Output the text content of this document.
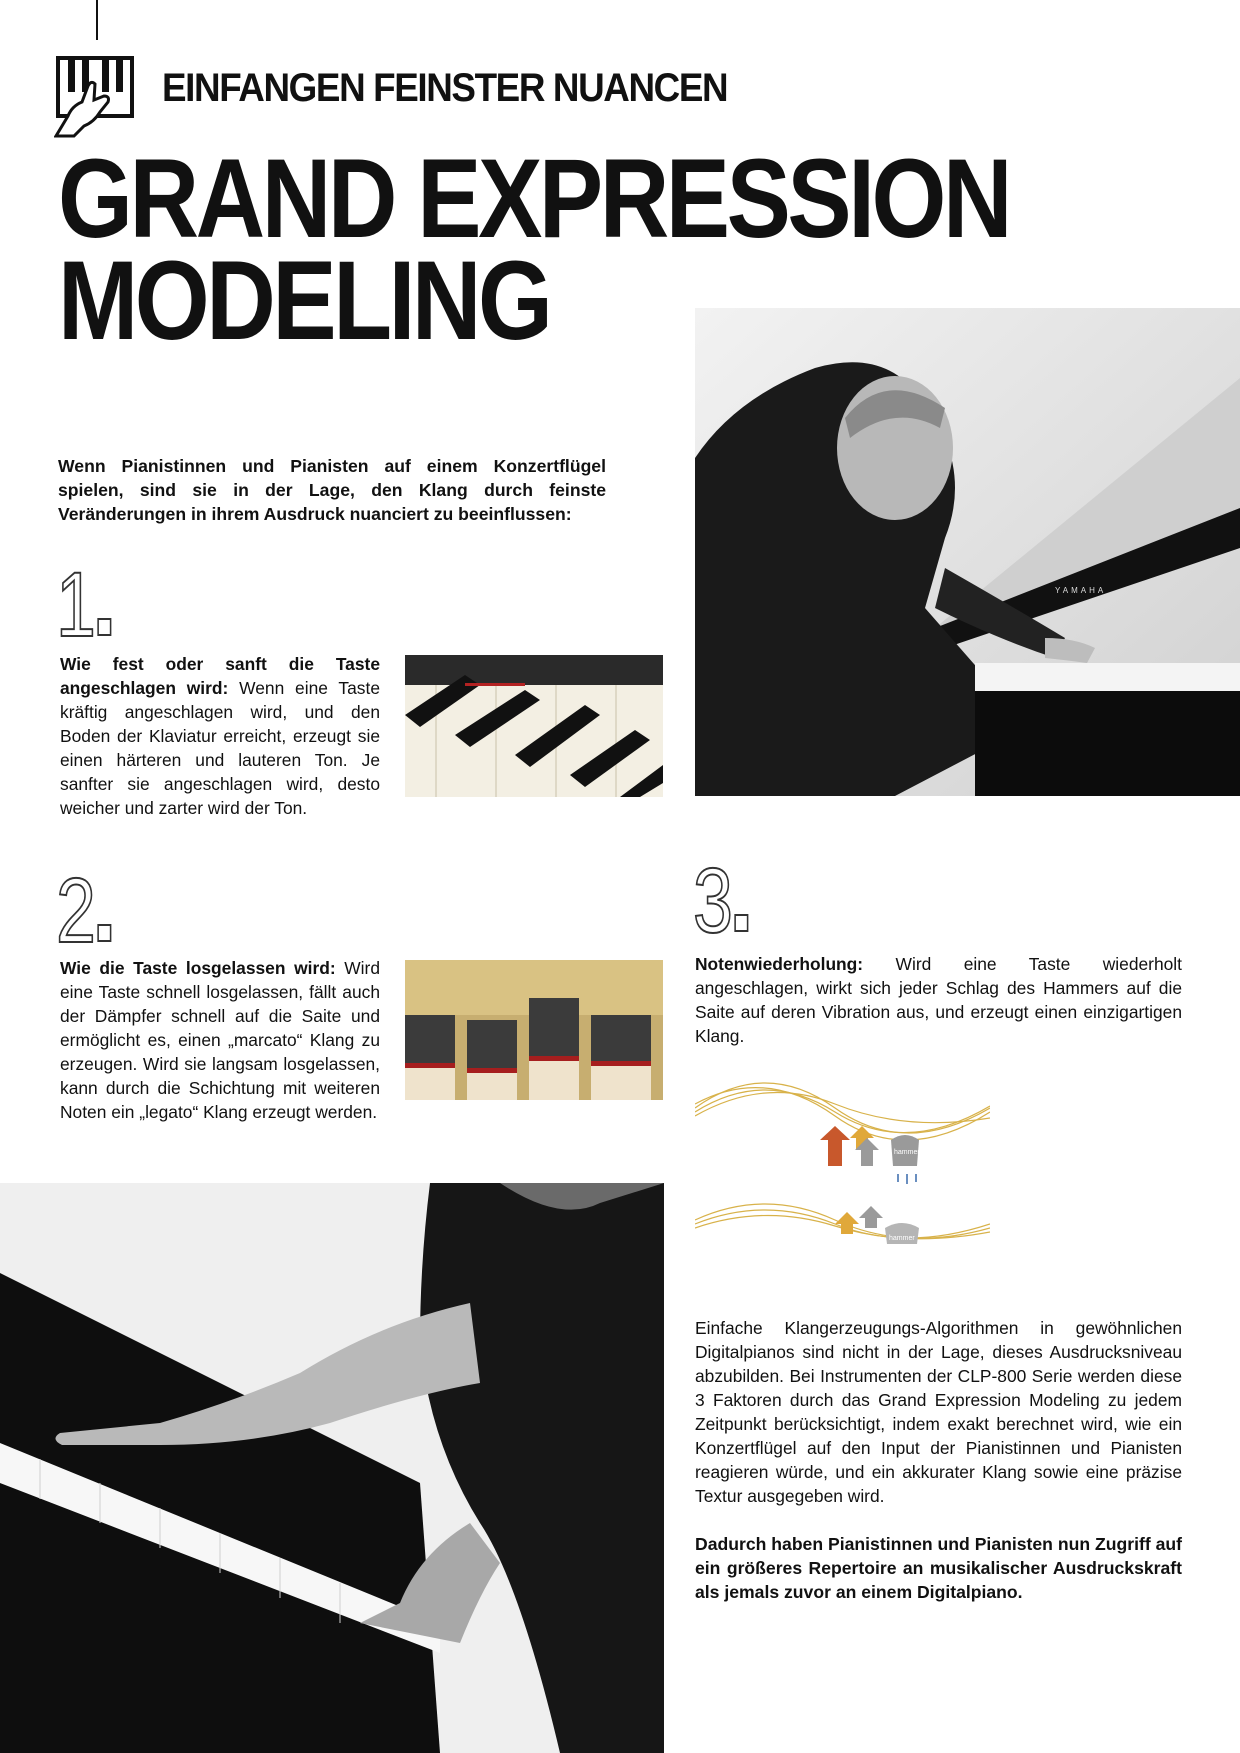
EINFANGEN FEINSTER NUANCEN
GRAND EXPRESSION
MODELING
YAMAHA
Wenn Pianistinnen und Pianisten auf einem Konzertflügel spielen, sind sie in der Lage, den Klang durch feinste Veränderungen in ihrem Ausdruck nuanciert zu beeinflussen:
1
Wie fest oder sanft die Taste angeschlagen wird: Wenn eine Taste kräftig angeschlagen wird, und den Boden der Klaviatur erreicht, erzeugt sie einen härteren und lauteren Ton. Je sanfter sie angeschlagen wird, desto weicher und zarter wird der Ton.
2
Wie die Taste losgelassen wird: Wird eine Taste schnell losgelassen, fällt auch der Dämpfer schnell auf die Saite und ermöglicht es, einen „marcato“ Klang zu erzeugen. Wird sie langsam losgelassen, kann durch die Schichtung mit weiteren Noten ein „legato“ Klang erzeugt werden.
3
Notenwiederholung: Wird eine Taste wiederholt angeschlagen, wirkt sich jeder Schlag des Hammers auf die Saite auf deren Vibration aus, und erzeugt einen einzigartigen Klang.
hammer
hammer
Einfache Klangerzeugungs-Algorithmen in gewöhnlichen Digitalpianos sind nicht in der Lage, dieses Ausdrucksniveau abzubilden. Bei Instrumenten der CLP-800 Serie werden diese 3 Faktoren durch das Grand Expression Modeling zu jedem Zeitpunkt berücksichtigt, indem exakt berechnet wird, wie ein Konzertflügel auf den Input der Pianistinnen und Pianisten reagieren würde, und ein akkurater Klang sowie eine präzise Textur ausgegeben wird.
Dadurch haben Pianistinnen und Pianisten nun Zugriff auf ein größeres Repertoire an musikalischer Ausdruckskraft als jemals zuvor an einem Digitalpiano.
